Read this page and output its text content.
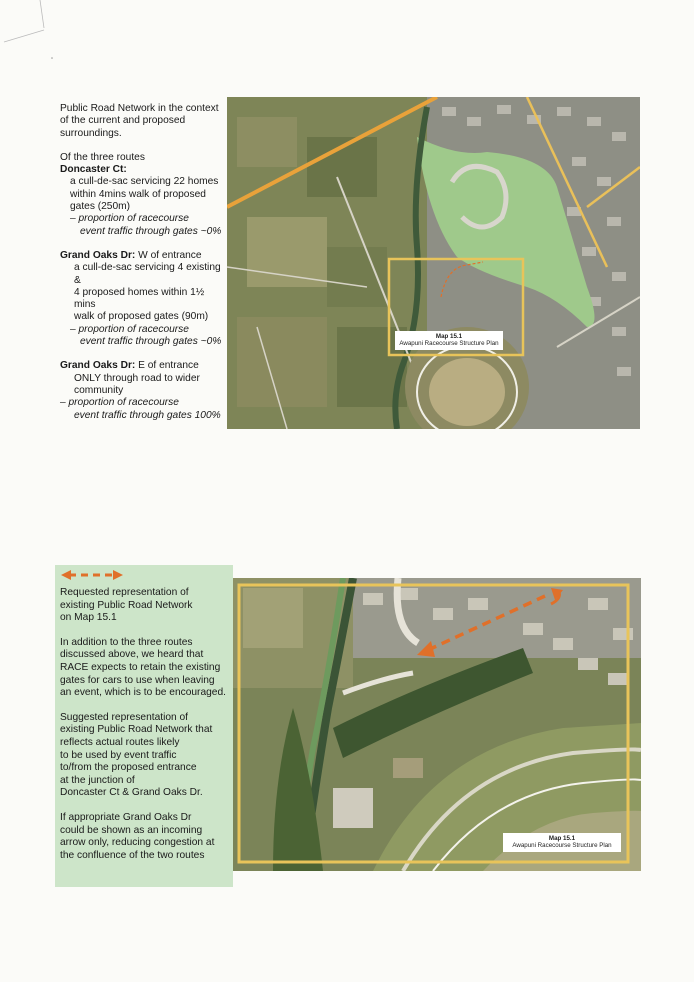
Public Road Network in the context

of the current and proposed

surroundings.

Of the three routes

Doncaster Ct:

a cull-de-sac servicing 22 homes

within 4mins walk of proposed

gates (250m)

– proportion of racecourse

event traffic through gates ~0%

Grand Oaks Dr: W of entrance

a cull-de-sac servicing 4 existing &

4 proposed homes within 1½ mins

walk of proposed gates (90m)

– proportion of racecourse

event traffic through gates ~0%

Grand Oaks Dr: E of entrance

ONLY through road to wider

community

– proportion of racecourse

event traffic through gates 100%

Map 15.1
Awapuni Racecourse Structure Plan

Requested representation of

existing Public Road Network

on Map 15.1

In addition to the three routes

discussed above, we heard that

RACE expects to retain the existing

gates for cars to use when leaving

an event, which is to be encouraged.

Suggested representation of

existing Public Road Network that

reflects actual routes likely

to be used by event traffic

to/from the proposed entrance

at the junction of

Doncaster Ct & Grand Oaks Dr.

If appropriate Grand Oaks Dr

could be shown as an incoming

arrow only, reducing congestion at

the confluence of the two routes

Map 15.1
Awapuni Racecourse Structure Plan
